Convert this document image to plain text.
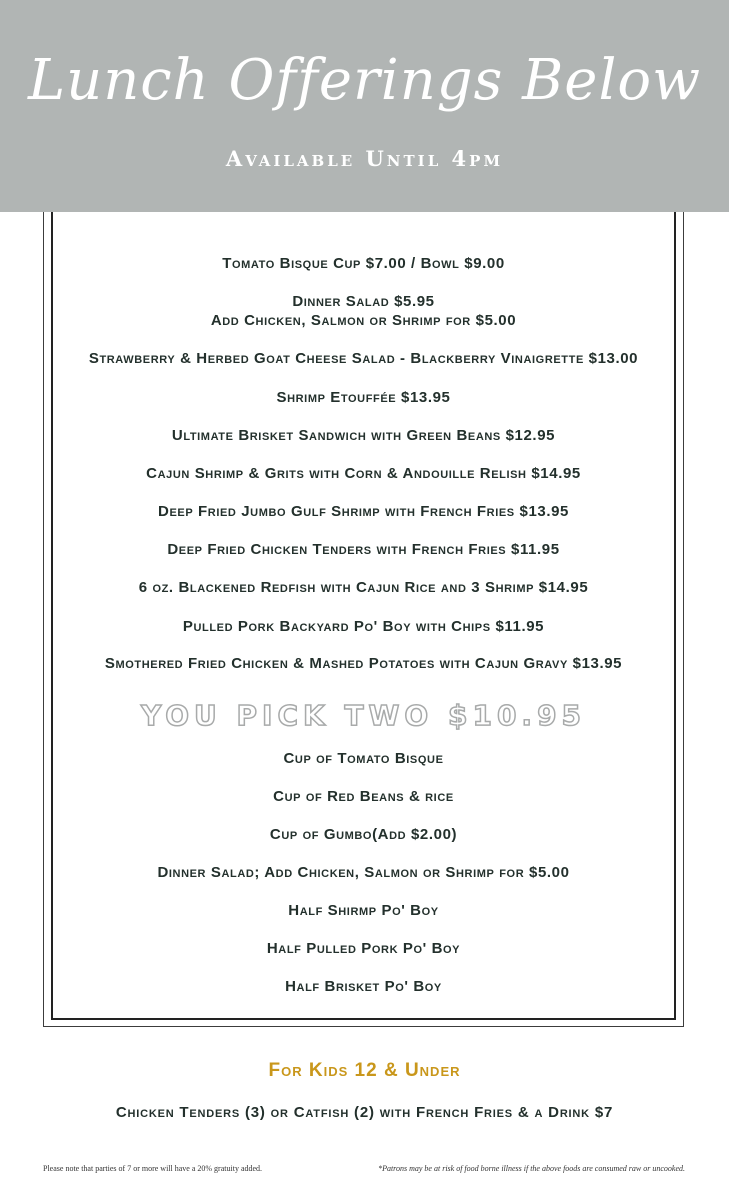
Lunch Offerings Below
Available Until 4pm
Tomato Bisque Cup $7.00 / Bowl $9.00
Dinner Salad $5.95
Add Chicken, Salmon or Shrimp for $5.00
Strawberry & Herbed Goat Cheese Salad - Blackberry Vinaigrette $13.00
Shrimp Etouffée $13.95
Ultimate Brisket Sandwich with Green Beans $12.95
Cajun Shrimp & Grits with Corn & Andouille Relish $14.95
Deep Fried Jumbo Gulf Shrimp with French Fries $13.95
Deep Fried Chicken Tenders with French Fries $11.95
6 oz. Blackened Redfish with Cajun Rice and 3 Shrimp $14.95
Pulled Pork Backyard Po' Boy with Chips $11.95
Smothered Fried Chicken & Mashed Potatoes with Cajun Gravy $13.95
YOU PICK TWO $10.95
Cup of Tomato Bisque
Cup of Red Beans & rice
Cup of Gumbo(Add $2.00)
Dinner Salad; Add Chicken, Salmon or Shrimp for $5.00
Half Shirmp Po' Boy
Half Pulled Pork Po' Boy
Half Brisket Po' Boy
For Kids 12 & Under
Chicken Tenders (3) or Catfish (2) with French Fries & a Drink $7
Please note that parties of 7 or more will have a 20% gratuity added.	*Patrons may be at risk of food borne illness if the above foods are consumed raw or uncooked.
